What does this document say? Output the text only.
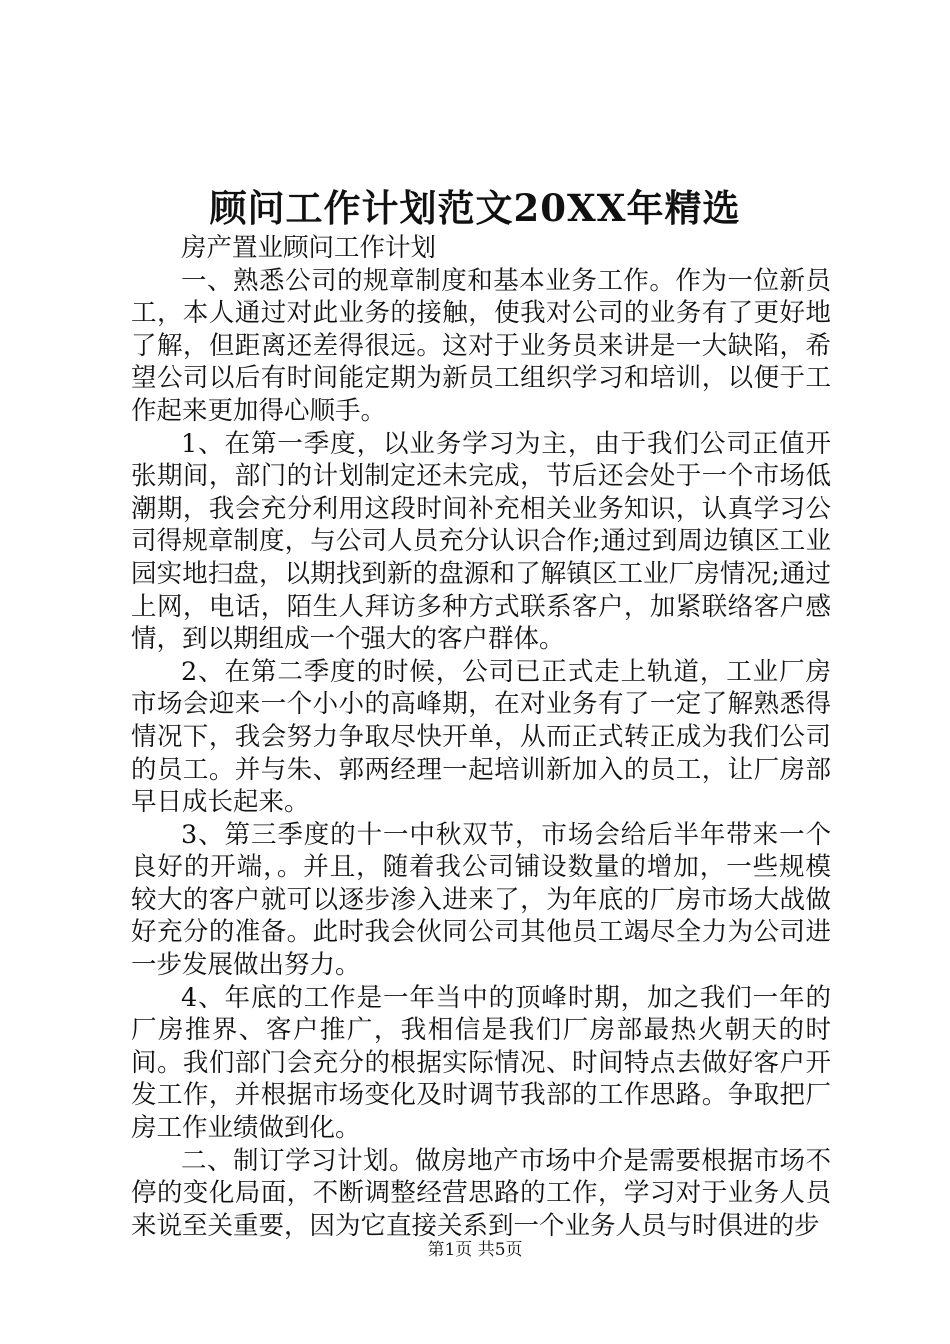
顾问工作计划范文20XX年精选

房产置业顾问工作计划

一、熟悉公司的规章制度和基本业务工作。作为一位新员工，本人通过对此业务的接触，使我对公司的业务有了更好地了解，但距离还差得很远。这对于业务员来讲是一大缺陷，希望公司以后有时间能定期为新员工组织学习和培训，以便于工作起来更加得心顺手。

1、在第一季度，以业务学习为主，由于我们公司正值开张期间，部门的计划制定还未完成，节后还会处于一个市场低潮期，我会充分利用这段时间补充相关业务知识，认真学习公司得规章制度，与公司人员充分认识合作;通过到周边镇区工业园实地扫盘，以期找到新的盘源和了解镇区工业厂房情况;通过上网，电话，陌生人拜访多种方式联系客户，加紧联络客户感情，到以期组成一个强大的客户群体。

2、在第二季度的时候，公司已正式走上轨道，工业厂房市场会迎来一个小小的高峰期，在对业务有了一定了解熟悉得情况下，我会努力争取尽快开单，从而正式转正成为我们公司的员工。并与朱、郭两经理一起培训新加入的员工，让厂房部早日成长起来。

3、第三季度的十一中秋双节，市场会给后半年带来一个良好的开端，。并且，随着我公司铺设数量的增加，一些规模较大的客户就可以逐步渗入进来了，为年底的厂房市场大战做好充分的准备。此时我会伙同公司其他员工竭尽全力为公司进一步发展做出努力。

4、年底的工作是一年当中的顶峰时期，加之我们一年的厂房推界、客户推广，我相信是我们厂房部最热火朝天的时间。我们部门会充分的根据实际情况、时间特点去做好客户开发工作，并根据市场变化及时调节我部的工作思路。争取把厂房工作业绩做到化。

二、制订学习计划。做房地产市场中介是需要根据市场不停的变化局面，不断调整经营思路的工作，学习对于业务人员来说至关重要，因为它直接关系到一个业务人员与时俱进的步

第1页 共5页
